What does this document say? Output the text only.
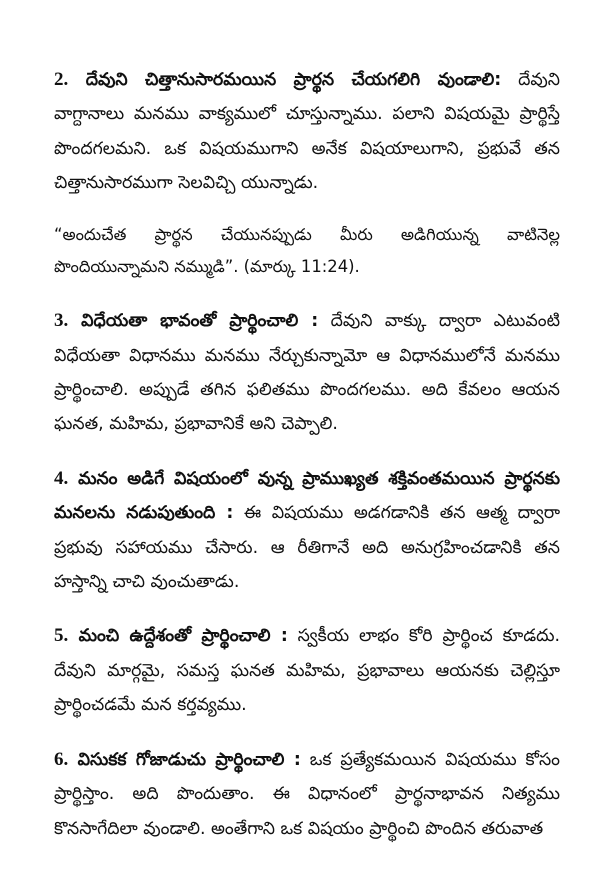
2. దేవుని చిత్తానుసారమయిన ప్రార్థన చేయగలిగి వుండాలి: దేవుని వాగ్దానాలు మనము వాక్యములో చూస్తున్నాము. పలాని విషయమై ప్రార్థిస్తే పొందగలమని. ఒక విషయముగాని అనేక విషయాలుగాని, ప్రభువే తన చిత్తానుసారముగా సెలవిచ్చి యున్నాడు.

“అందుచేత ప్రార్థన చేయునప్పుడు మీరు అడిగియున్న వాటినెల్ల పొందియున్నామని నమ్ముడి”. (మార్కు 11:24).

3. విధేయతా భావంతో ప్రార్థించాలి : దేవుని వాక్కు ద్వారా ఎటువంటి విధేయతా విధానము మనము నేర్చుకున్నామో ఆ విధానములోనే మనము ప్రార్థించాలి. అప్పుడే తగిన ఫలితము పొందగలము. అది కేవలం ఆయన ఘనత, మహిమ, ప్రభావానికే అని చెప్పాలి.

4. మనం అడిగే విషయంలో వున్న ప్రాముఖ్యత శక్తివంతమయిన ప్రార్థనకు మనలను నడుపుతుంది : ఈ విషయము అడగడానికి తన ఆత్మ ద్వారా ప్రభువు సహాయము చేసారు. ఆ రీతిగానే అది అనుగ్రహించడానికి తన హస్తాన్ని చాచి వుంచుతాడు.

5. మంచి ఉద్దేశంతో ప్రార్థించాలి : స్వకీయ లాభం కోరి ప్రార్థించ కూడదు. దేవుని మార్గమై, సమస్త ఘనత మహిమ, ప్రభావాలు ఆయనకు చెల్లిస్తూ ప్రార్థించడమే మన కర్తవ్యము.

6. విసుకక గోజాడుచు ప్రార్థించాలి : ఒక ప్రత్యేకమయిన విషయము కోసం ప్రార్థిస్తాం. అది పొందుతాం. ఈ విధానంలో ప్రార్థనాభావన నిత్యము కొనసాగేదిలా వుండాలి. అంతేగాని ఒక విషయం ప్రార్థించి పొందిన తరువాత
